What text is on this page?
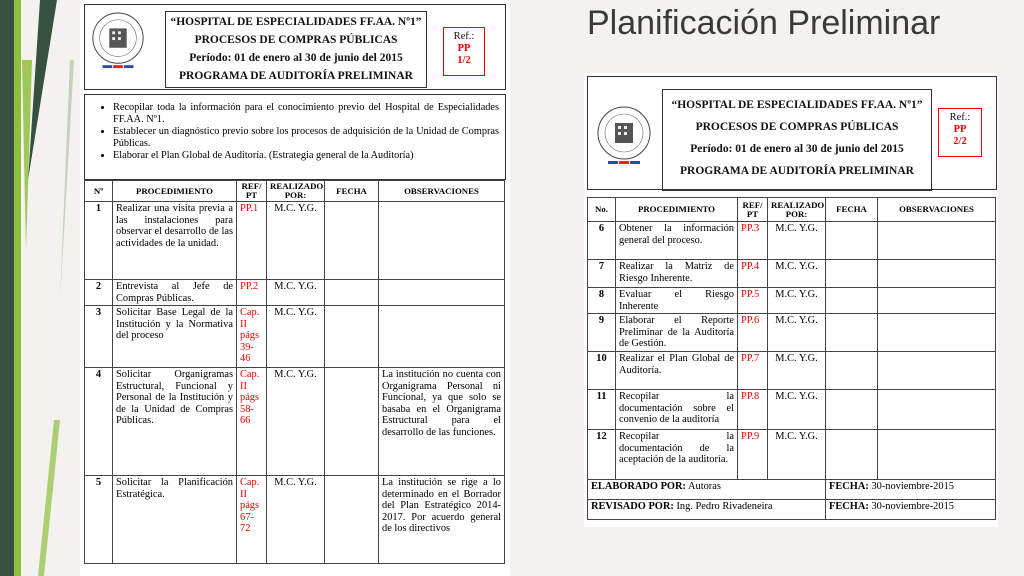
Planificación Preliminar
“HOSPITAL DE ESPECIALIDADES FF.AA. Nº1”
PROCESOS DE COMPRAS PÚBLICAS
Período: 01 de enero al 30 de junio del 2015
PROGRAMA DE AUDITORÍA PRELIMINAR
Ref.:
PP
1/2
• Recopilar toda la información para el conocimiento previo del Hospital de Especialidades FF.AA. Nº1.
• Establecer un diagnóstico previo sobre los procesos de adquisición de la Unidad de Compras Públicas.
• Elaborar el Plan Global de Auditoría. (Estrategia general de la Auditoría)
Nº	PROCEDIMIENTO	REF/ PT	REALIZADO POR:	FECHA	OBSERVACIONES
1	Realizar una visita previa a las instalaciones para observar el desarrollo de las actividades de la unidad.	PP.1	M.C. Y.G.		
2	Entrevista al Jefe de Compras Públicas.	PP.2	M.C. Y.G.		
3	Solicitar Base Legal de la Institución y la Normativa del proceso	Cap. II págs 39-46	M.C. Y.G.		
4	Solicitar Organigramas Estructural, Funcional y Personal de la Institución y de la Unidad de Compras Públicas.	Cap. II págs 58-66	M.C. Y.G.		La institución no cuenta con Organigrama Personal ni Funcional, ya que solo se basaba en el Organigrama Estructural para el desarrollo de las funciones.
5	Solicitar la Planificación Estratégica.	Cap. II págs 67-72	M.C. Y.G.		La institución se rige a lo determinado en el Borrador del Plan Estratégico 2014-2017. Por acuerdo general de los directivos
“HOSPITAL DE ESPECIALIDADES FF.AA. Nº1”
PROCESOS DE COMPRAS PÚBLICAS
Período: 01 de enero al 30 de junio del 2015
PROGRAMA DE AUDITORÍA PRELIMINAR
Ref.:
PP
2/2
No.	PROCEDIMIENTO	REF/ PT	REALIZADO POR:	FECHA	OBSERVACIONES
6	Obtener la información general del proceso.	PP.3	M.C. Y.G.		
7	Realizar la Matriz de Riesgo Inherente.	PP.4	M.C. Y.G.		
8	Evaluar el Riesgo Inherente	PP.5	M.C. Y.G.		
9	Elaborar el Reporte Preliminar de la Auditoría de Gestión.	PP.6	M.C. Y.G.		
10	Realizar el Plan Global de Auditoría.	PP.7	M.C. Y.G.		
11	Recopilar la documentación sobre el convenio de la auditoría	PP.8	M.C. Y.G.		
12	Recopilar la documentación de la aceptación de la auditoría.	PP.9	M.C. Y.G.		
ELABORADO POR: Autoras				FECHA: 30-noviembre-2015	
REVISADO POR: Ing. Pedro Rivadeneira				FECHA: 30-noviembre-2015	
